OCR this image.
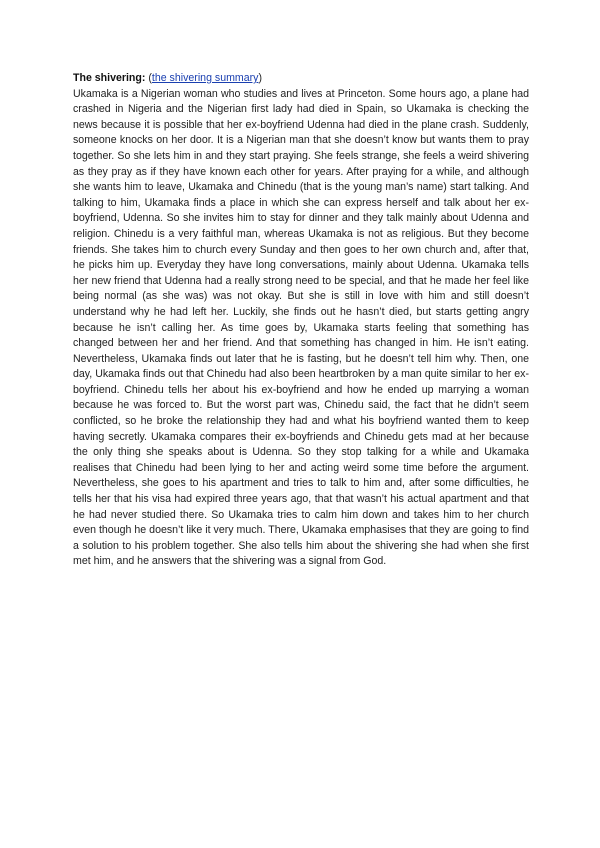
The shivering: (the shivering summary)

Ukamaka is a Nigerian woman who studies and lives at Princeton. Some hours ago, a plane had crashed in Nigeria and the Nigerian first lady had died in Spain, so Ukamaka is checking the news because it is possible that her ex-boyfriend Udenna had died in the plane crash. Suddenly, someone knocks on her door. It is a Nigerian man that she doesn’t know but wants them to pray together. So she lets him in and they start praying. She feels strange, she feels a weird shivering as they pray as if they have known each other for years. After praying for a while, and although she wants him to leave, Ukamaka and Chinedu (that is the young man’s name) start talking. And talking to him, Ukamaka finds a place in which she can express herself and talk about her ex-boyfriend, Udenna. So she invites him to stay for dinner and they talk mainly about Udenna and religion. Chinedu is a very faithful man, whereas Ukamaka is not as religious. But they become friends. She takes him to church every Sunday and then goes to her own church and, after that, he picks him up. Everyday they have long conversations, mainly about Udenna. Ukamaka tells her new friend that Udenna had a really strong need to be special, and that he made her feel like being normal (as she was) was not okay. But she is still in love with him and still doesn’t understand why he had left her. Luckily, she finds out he hasn’t died, but starts getting angry because he isn’t calling her. As time goes by, Ukamaka starts feeling that something has changed between her and her friend. And that something has changed in him. He isn’t eating. Nevertheless, Ukamaka finds out later that he is fasting, but he doesn’t tell him why. Then, one day, Ukamaka finds out that Chinedu had also been heartbroken by a man quite similar to her ex-boyfriend. Chinedu tells her about his ex-boyfriend and how he ended up marrying a woman because he was forced to. But the worst part was, Chinedu said, the fact that he didn’t seem conflicted, so he broke the relationship they had and what his boyfriend wanted them to keep having secretly. Ukamaka compares their ex-boyfriends and Chinedu gets mad at her because the only thing she speaks about is Udenna. So they stop talking for a while and Ukamaka realises that Chinedu had been lying to her and acting weird some time before the argument. Nevertheless, she goes to his apartment and tries to talk to him and, after some difficulties, he tells her that his visa had expired three years ago, that that wasn’t his actual apartment and that he had never studied there. So Ukamaka tries to calm him down and takes him to her church even though he doesn’t like it very much. There, Ukamaka emphasises that they are going to find a solution to his problem together. She also tells him about the shivering she had when she first met him, and he answers that the shivering was a signal from God.
